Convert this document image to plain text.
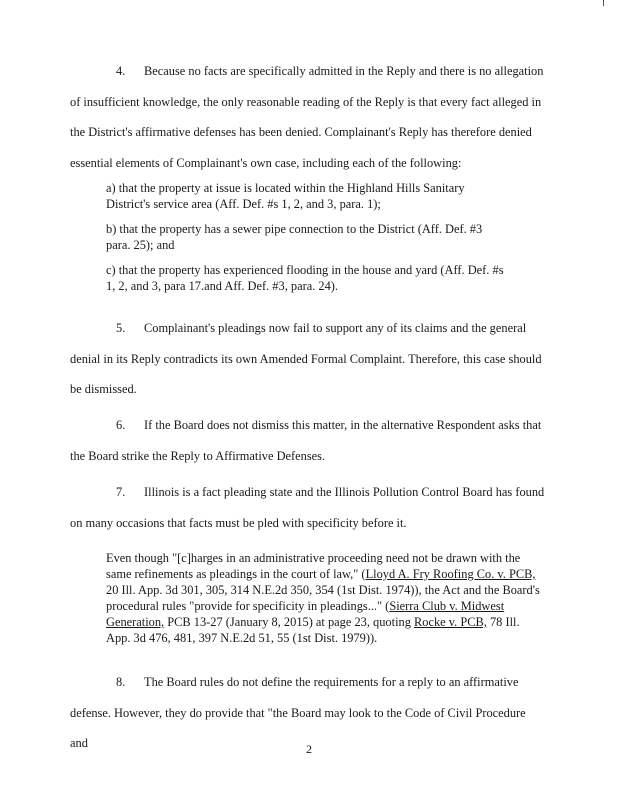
4. Because no facts are specifically admitted in the Reply and there is no allegation of insufficient knowledge, the only reasonable reading of the Reply is that every fact alleged in the District's affirmative defenses has been denied. Complainant's Reply has therefore denied essential elements of Complainant's own case, including each of the following:

a) that the property at issue is located within the Highland Hills Sanitary District's service area (Aff. Def. #s 1, 2, and 3, para. 1);

b) that the property has a sewer pipe connection to the District (Aff. Def. #3 para. 25); and

c) that the property has experienced flooding in the house and yard (Aff. Def. #s 1, 2, and 3, para 17.and Aff. Def. #3, para. 24).

5. Complainant's pleadings now fail to support any of its claims and the general denial in its Reply contradicts its own Amended Formal Complaint. Therefore, this case should be dismissed.

6. If the Board does not dismiss this matter, in the alternative Respondent asks that the Board strike the Reply to Affirmative Defenses.

7. Illinois is a fact pleading state and the Illinois Pollution Control Board has found on many occasions that facts must be pled with specificity before it.

Even though "[c]harges in an administrative proceeding need not be drawn with the same refinements as pleadings in the court of law," (Lloyd A. Fry Roofing Co. v. PCB, 20 Ill. App. 3d 301, 305, 314 N.E.2d 350, 354 (1st Dist. 1974)), the Act and the Board's procedural rules "provide for specificity in pleadings..." (Sierra Club v. Midwest Generation, PCB 13-27 (January 8, 2015) at page 23, quoting Rocke v. PCB, 78 Ill. App. 3d 476, 481, 397 N.E.2d 51, 55 (1st Dist. 1979)).

8. The Board rules do not define the requirements for a reply to an affirmative defense. However, they do provide that "the Board may look to the Code of Civil Procedure and	2
